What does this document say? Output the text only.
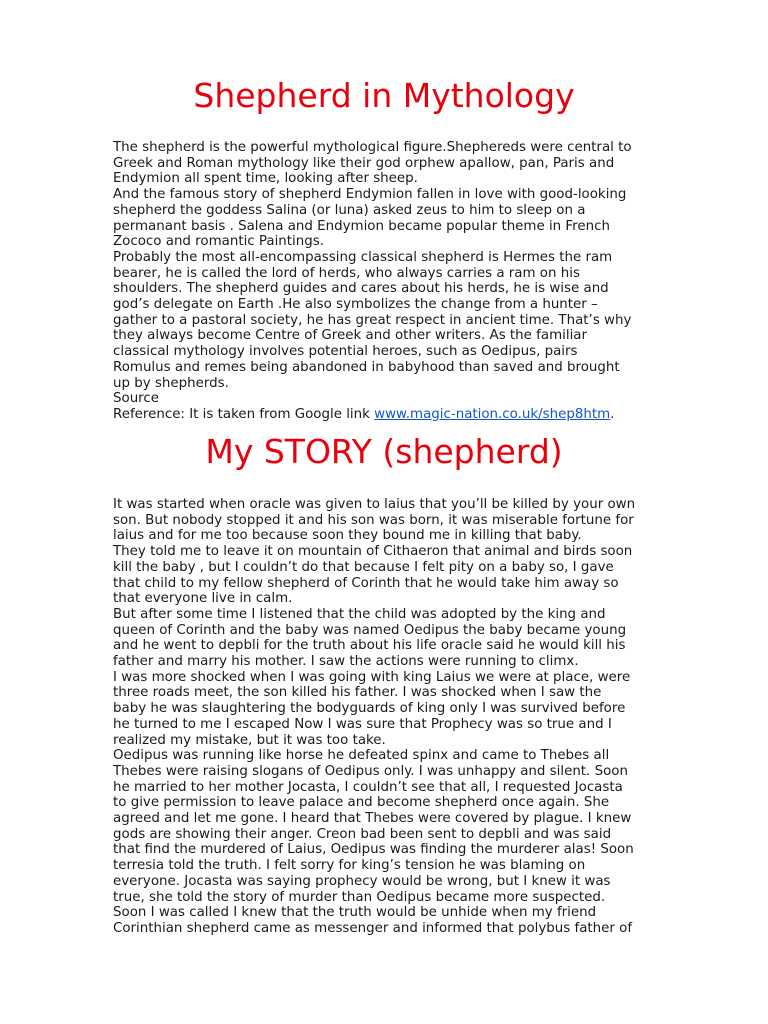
Shepherd in Mythology
The shepherd is the powerful mythological figure.Shephereds were central to
Greek and Roman mythology like their god orphew apallow, pan, Paris and
Endymion all spent time, looking after sheep.
And the famous story of shepherd Endymion fallen in love with good-looking
shepherd the goddess Salina (or luna) asked zeus to him to sleep on a
permanant basis . Salena and Endymion became popular theme in French
Zococo and romantic Paintings.
Probably the most all-encompassing classical shepherd is Hermes the ram
bearer, he is called the lord of herds, who always carries a ram on his
shoulders. The shepherd guides and cares about his herds, he is wise and
god’s delegate on Earth .He also symbolizes the change from a hunter –
gather to a pastoral society, he has great respect in ancient time. That’s why
they always become Centre of Greek and other writers. As the familiar
classical mythology involves potential heroes, such as Oedipus, pairs
Romulus and remes being abandoned in babyhood than saved and brought
up by shepherds.
Source
Reference: It is taken from Google link www.magic-nation.co.uk/shep8htm.
My STORY (shepherd)
It was started when oracle was given to laius that you’ll be killed by your own
son. But nobody stopped it and his son was born, it was miserable fortune for
laius and for me too because soon they bound me in killing that baby.
They told me to leave it on mountain of Cithaeron that animal and birds soon
kill the baby , but I couldn’t do that because I felt pity on a baby so, I gave
that child to my fellow shepherd of Corinth that he would take him away so
that everyone live in calm.
But after some time I listened that the child was adopted by the king and
queen of Corinth and the baby was named Oedipus the baby became young
and he went to depbli for the truth about his life oracle said he would kill his
father and marry his mother. I saw the actions were running to climx.
I was more shocked when I was going with king Laius we were at place, were
three roads meet, the son killed his father. I was shocked when I saw the
baby he was slaughtering the bodyguards of king only I was survived before
he turned to me I escaped Now I was sure that Prophecy was so true and I
realized my mistake, but it was too take.
Oedipus was running like horse he defeated spinx and came to Thebes all
Thebes were raising slogans of Oedipus only. I was unhappy and silent. Soon
he married to her mother Jocasta, I couldn’t see that all, I requested Jocasta
to give permission to leave palace and become shepherd once again. She
agreed and let me gone. I heard that Thebes were covered by plague. I knew
gods are showing their anger. Creon bad been sent to depbli and was said
that find the murdered of Laius, Oedipus was finding the murderer alas! Soon
terresia told the truth. I felt sorry for king’s tension he was blaming on
everyone. Jocasta was saying prophecy would be wrong, but I knew it was
true, she told the story of murder than Oedipus became more suspected.
Soon I was called I knew that the truth would be unhide when my friend
Corinthian shepherd came as messenger and informed that polybus father of
